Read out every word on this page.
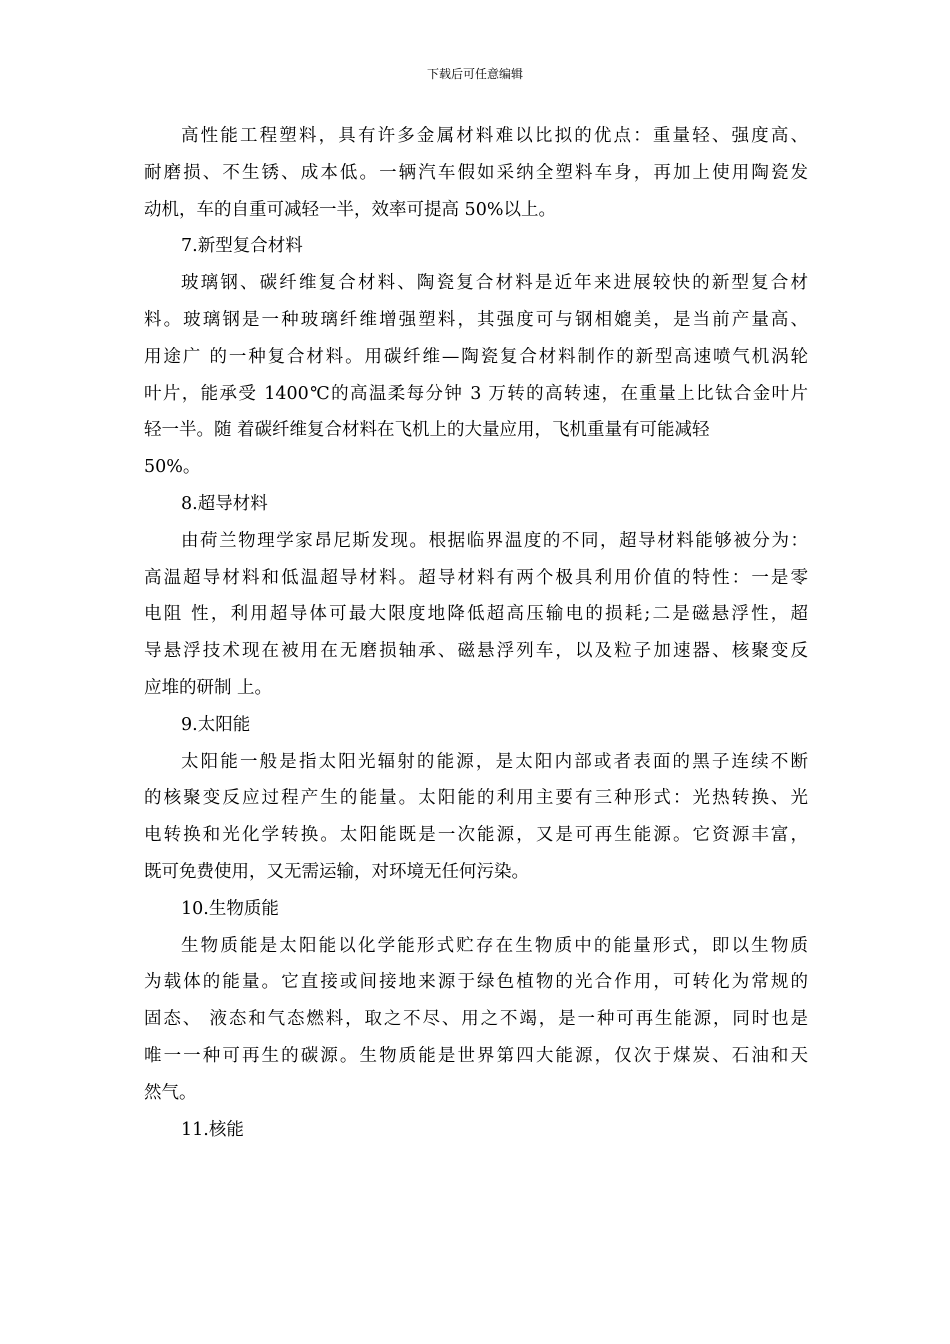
下载后可任意编辑
高性能工程塑料，具有许多金属材料难以比拟的优点：重量轻、强度高、
耐磨损、不生锈、成本低。一辆汽车假如采纳全塑料车身，再加上使用陶瓷发
动机，车的自重可减轻一半，效率可提高 50%以上。
7.新型复合材料
玻璃钢、碳纤维复合材料、陶瓷复合材料是近年来进展较快的新型复合材
料。玻璃钢是一种玻璃纤维增强塑料，其强度可与钢相媲美，是当前产量高、
用途广 的一种复合材料。用碳纤维—陶瓷复合材料制作的新型高速喷气机涡轮
叶片，能承受 1400℃的高温柔每分钟 3 万转的高转速，在重量上比钛合金叶片
轻一半。随 着碳纤维复合材料在飞机上的大量应用，飞机重量有可能减轻
50%。
8.超导材料
由荷兰物理学家昂尼斯发现。根据临界温度的不同，超导材料能够被分为：
高温超导材料和低温超导材料。超导材料有两个极具利用价值的特性：一是零
电阻 性，利用超导体可最大限度地降低超高压输电的损耗;二是磁悬浮性，超
导悬浮技术现在被用在无磨损轴承、磁悬浮列车，以及粒子加速器、核聚变反
应堆的研制 上。
9.太阳能
太阳能一般是指太阳光辐射的能源，是太阳内部或者表面的黑子连续不断
的核聚变反应过程产生的能量。太阳能的利用主要有三种形式：光热转换、光
电转换和光化学转换。太阳能既是一次能源，又是可再生能源。它资源丰富，
既可免费使用，又无需运输，对环境无任何污染。
10.生物质能
生物质能是太阳能以化学能形式贮存在生物质中的能量形式，即以生物质
为载体的能量。它直接或间接地来源于绿色植物的光合作用，可转化为常规的
固态、 液态和气态燃料，取之不尽、用之不竭，是一种可再生能源，同时也是
唯一一种可再生的碳源。生物质能是世界第四大能源，仅次于煤炭、石油和天
然气。
11.核能
